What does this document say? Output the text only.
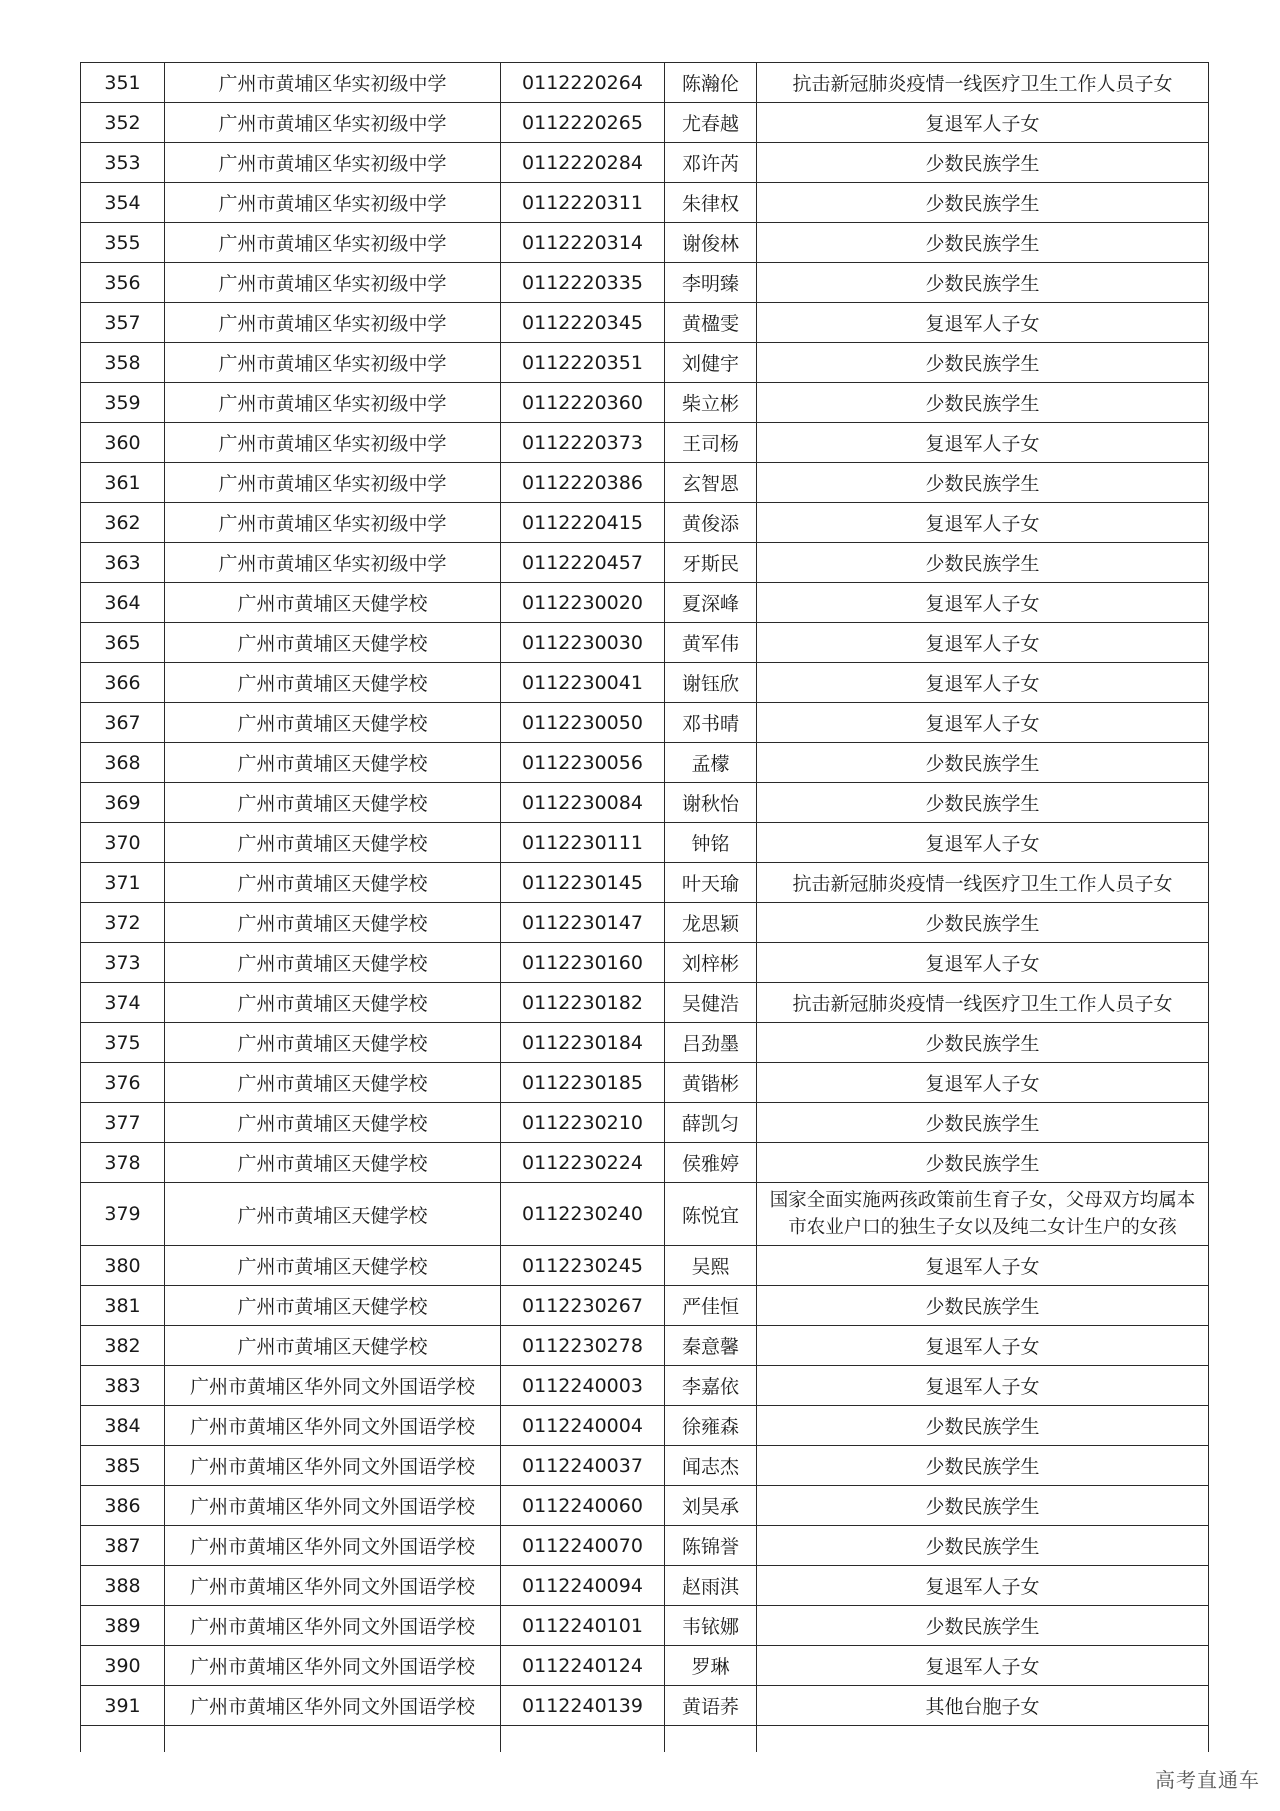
351	广州市黄埔区华实初级中学	0112220264	陈瀚伦	抗击新冠肺炎疫情一线医疗卫生工作人员子女
352	广州市黄埔区华实初级中学	0112220265	尤春越	复退军人子女
353	广州市黄埔区华实初级中学	0112220284	邓许芮	少数民族学生
354	广州市黄埔区华实初级中学	0112220311	朱律权	少数民族学生
355	广州市黄埔区华实初级中学	0112220314	谢俊林	少数民族学生
356	广州市黄埔区华实初级中学	0112220335	李明臻	少数民族学生
357	广州市黄埔区华实初级中学	0112220345	黄楹雯	复退军人子女
358	广州市黄埔区华实初级中学	0112220351	刘健宇	少数民族学生
359	广州市黄埔区华实初级中学	0112220360	柴立彬	少数民族学生
360	广州市黄埔区华实初级中学	0112220373	王司杨	复退军人子女
361	广州市黄埔区华实初级中学	0112220386	玄智恩	少数民族学生
362	广州市黄埔区华实初级中学	0112220415	黄俊添	复退军人子女
363	广州市黄埔区华实初级中学	0112220457	牙斯民	少数民族学生
364	广州市黄埔区天健学校	0112230020	夏深峰	复退军人子女
365	广州市黄埔区天健学校	0112230030	黄军伟	复退军人子女
366	广州市黄埔区天健学校	0112230041	谢钰欣	复退军人子女
367	广州市黄埔区天健学校	0112230050	邓书晴	复退军人子女
368	广州市黄埔区天健学校	0112230056	孟檬	少数民族学生
369	广州市黄埔区天健学校	0112230084	谢秋怡	少数民族学生
370	广州市黄埔区天健学校	0112230111	钟铭	复退军人子女
371	广州市黄埔区天健学校	0112230145	叶天瑜	抗击新冠肺炎疫情一线医疗卫生工作人员子女
372	广州市黄埔区天健学校	0112230147	龙思颖	少数民族学生
373	广州市黄埔区天健学校	0112230160	刘梓彬	复退军人子女
374	广州市黄埔区天健学校	0112230182	吴健浩	抗击新冠肺炎疫情一线医疗卫生工作人员子女
375	广州市黄埔区天健学校	0112230184	吕劲墨	少数民族学生
376	广州市黄埔区天健学校	0112230185	黄锴彬	复退军人子女
377	广州市黄埔区天健学校	0112230210	薛凯匀	少数民族学生
378	广州市黄埔区天健学校	0112230224	侯雅婷	少数民族学生
379	广州市黄埔区天健学校	0112230240	陈悦宜	国家全面实施两孩政策前生育子女，父母双方均属本市农业户口的独生子女以及纯二女计生户的女孩
380	广州市黄埔区天健学校	0112230245	吴熙	复退军人子女
381	广州市黄埔区天健学校	0112230267	严佳恒	少数民族学生
382	广州市黄埔区天健学校	0112230278	秦意馨	复退军人子女
383	广州市黄埔区华外同文外国语学校	0112240003	李嘉依	复退军人子女
384	广州市黄埔区华外同文外国语学校	0112240004	徐雍森	少数民族学生
385	广州市黄埔区华外同文外国语学校	0112240037	闻志杰	少数民族学生
386	广州市黄埔区华外同文外国语学校	0112240060	刘昊承	少数民族学生
387	广州市黄埔区华外同文外国语学校	0112240070	陈锦誉	少数民族学生
388	广州市黄埔区华外同文外国语学校	0112240094	赵雨淇	复退军人子女
389	广州市黄埔区华外同文外国语学校	0112240101	韦铱娜	少数民族学生
390	广州市黄埔区华外同文外国语学校	0112240124	罗琳	复退军人子女
391	广州市黄埔区华外同文外国语学校	0112240139	黄语荞	其他台胞子女

高考直通车
